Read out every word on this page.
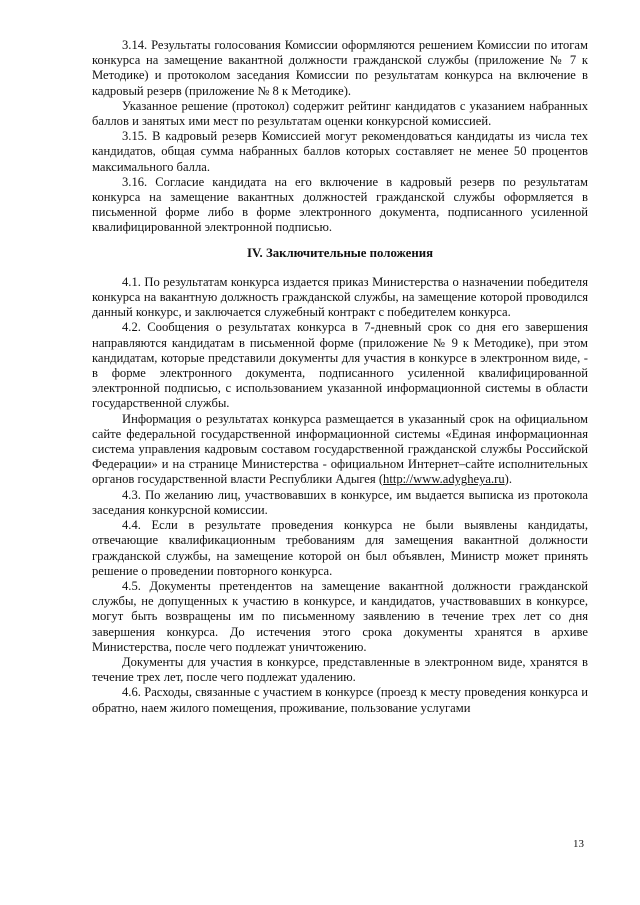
3.14. Результаты голосования Комиссии оформляются решением Комиссии по итогам конкурса на замещение вакантной должности гражданской службы (приложение № 7 к Методике) и протоколом заседания Комиссии по результатам конкурса на включение в кадровый резерв (приложение № 8 к Методике).

Указанное решение (протокол) содержит рейтинг кандидатов с указанием набранных баллов и занятых ими мест по результатам оценки конкурсной комиссией.

3.15. В кадровый резерв Комиссией могут рекомендоваться кандидаты из числа тех кандидатов, общая сумма набранных баллов которых составляет не менее 50 процентов максимального балла.

3.16. Согласие кандидата на его включение в кадровый резерв по результатам конкурса на замещение вакантных должностей гражданской службы оформляется в письменной форме либо в форме электронного документа, подписанного усиленной квалифицированной электронной подписью.

IV. Заключительные положения

4.1. По результатам конкурса издается приказ Министерства о назначении победителя конкурса на вакантную должность гражданской службы, на замещение которой проводился данный конкурс, и заключается служебный контракт с победителем конкурса.

4.2. Сообщения о результатах конкурса в 7-дневный срок со дня его завершения направляются кандидатам в письменной форме (приложение № 9 к Методике), при этом кандидатам, которые представили документы для участия в конкурсе в электронном виде, - в форме электронного документа, подписанного усиленной квалифицированной электронной подписью, с использованием указанной информационной системы в области государственной службы.

Информация о результатах конкурса размещается в указанный срок на официальном сайте федеральной государственной информационной системы «Единая информационная система управления кадровым составом государственной гражданской службы Российской Федерации» и на странице Министерства - официальном Интернет–сайте исполнительных органов государственной власти Республики Адыгея (http://www.adygheya.ru).

4.3. По желанию лиц, участвовавших в конкурсе, им выдается выписка из протокола заседания конкурсной комиссии.

4.4. Если в результате проведения конкурса не были выявлены кандидаты, отвечающие квалификационным требованиям для замещения вакантной должности гражданской службы, на замещение которой он был объявлен, Министр может принять решение о проведении повторного конкурса.

4.5. Документы претендентов на замещение вакантной должности гражданской службы, не допущенных к участию в конкурсе, и кандидатов, участвовавших в конкурсе, могут быть возвращены им по письменному заявлению в течение трех лет со дня завершения конкурса. До истечения этого срока документы хранятся в архиве Министерства, после чего подлежат уничтожению.

Документы для участия в конкурсе, представленные в электронном виде, хранятся в течение трех лет, после чего подлежат удалению.

4.6. Расходы, связанные с участием в конкурсе (проезд к месту проведения конкурса и обратно, наем жилого помещения, проживание, пользование услугами

13
